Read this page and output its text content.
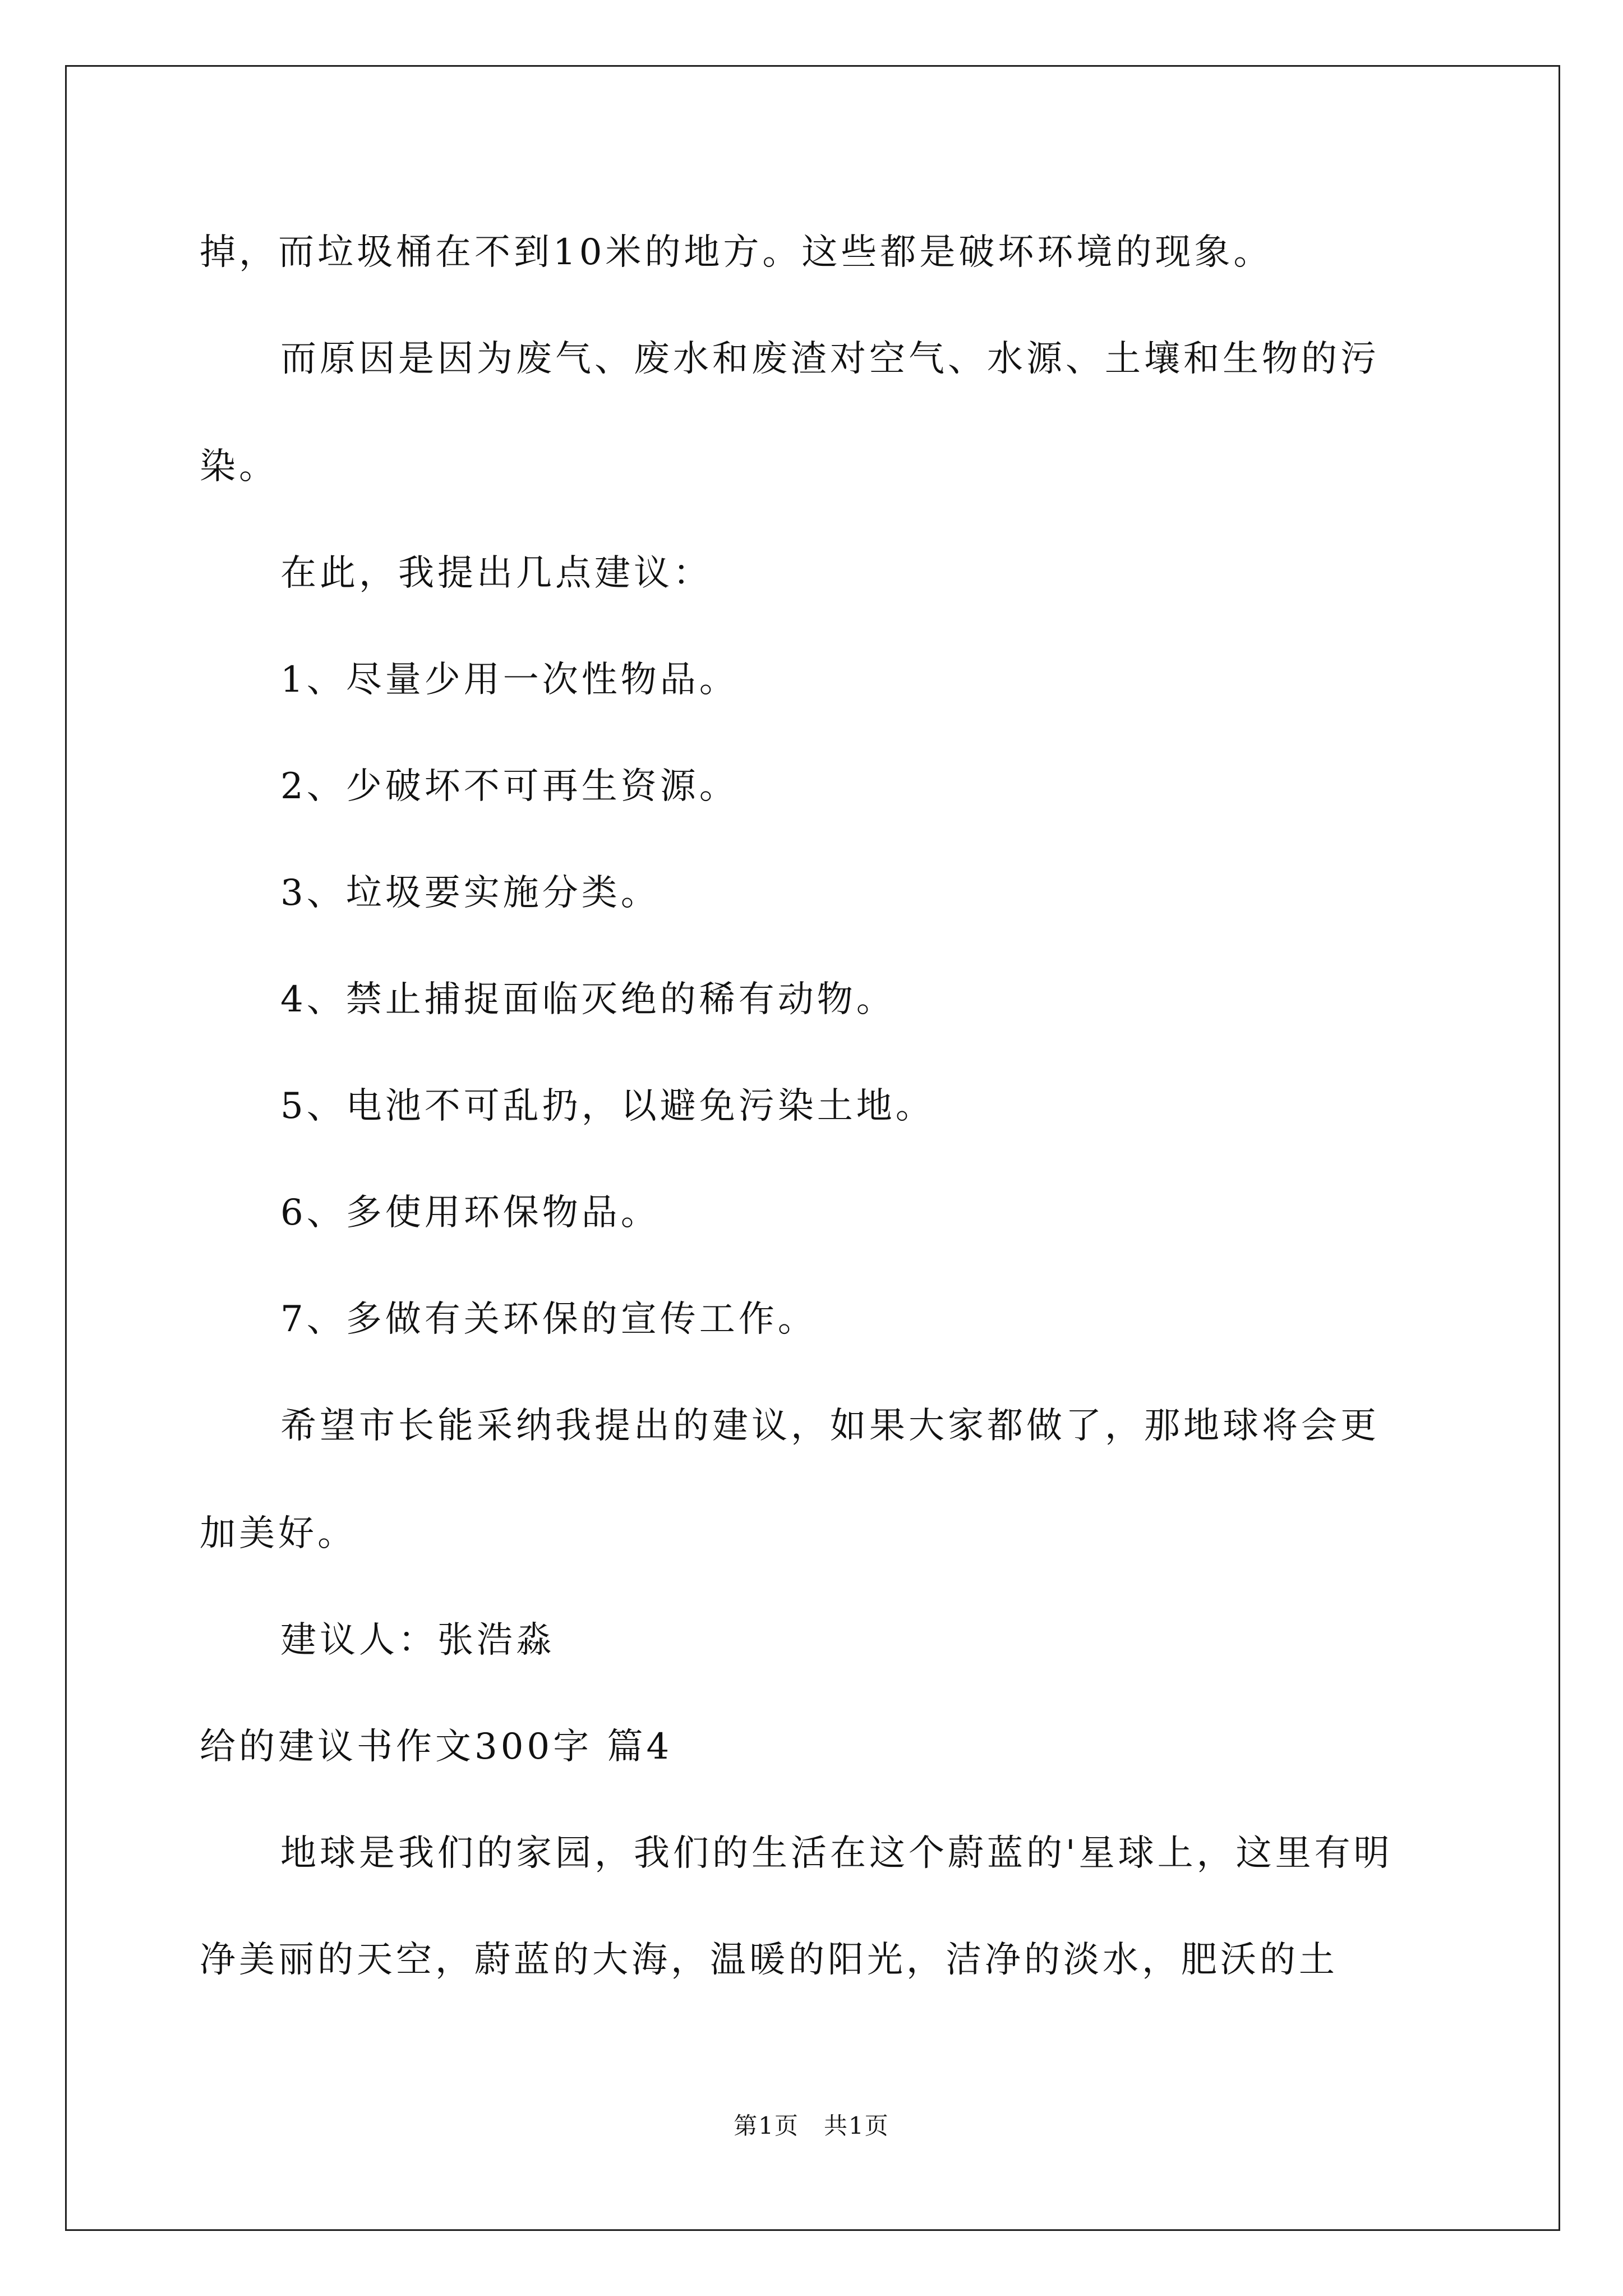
掉，而垃圾桶在不到10米的地方。这些都是破坏环境的现象。
而原因是因为废气、废水和废渣对空气、水源、土壤和生物的污
染。
在此，我提出几点建议：
1、尽量少用一次性物品。
2、少破坏不可再生资源。
3、垃圾要实施分类。
4、禁止捕捉面临灭绝的稀有动物。
5、电池不可乱扔，以避免污染土地。
6、多使用环保物品。
7、多做有关环保的宣传工作。
希望市长能采纳我提出的建议，如果大家都做了，那地球将会更
加美好。
建议人：张浩淼
给的建议书作文300字 篇4
地球是我们的家园，我们的生活在这个蔚蓝的'星球上，这里有明
净美丽的天空，蔚蓝的大海，温暖的阳光，洁净的淡水，肥沃的土
第1页　共1页
